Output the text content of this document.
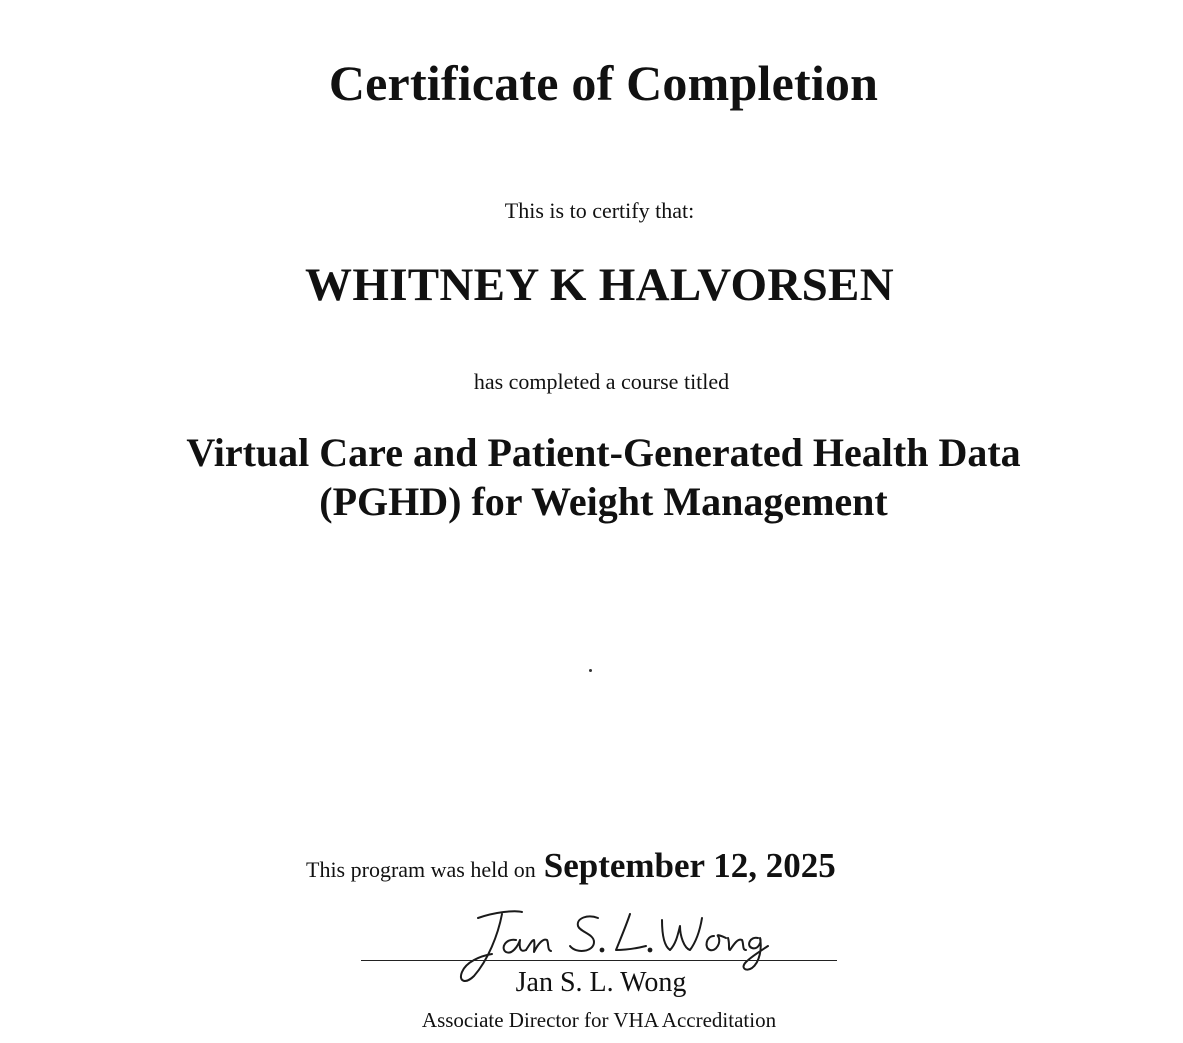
Certificate of Completion
This is to certify that:
WHITNEY K HALVORSEN
has completed a course titled
Virtual Care and Patient-Generated Health Data
(PGHD) for Weight Management
This program was held on September 12, 2025
Jan S. L. Wong
Associate Director for VHA Accreditation
